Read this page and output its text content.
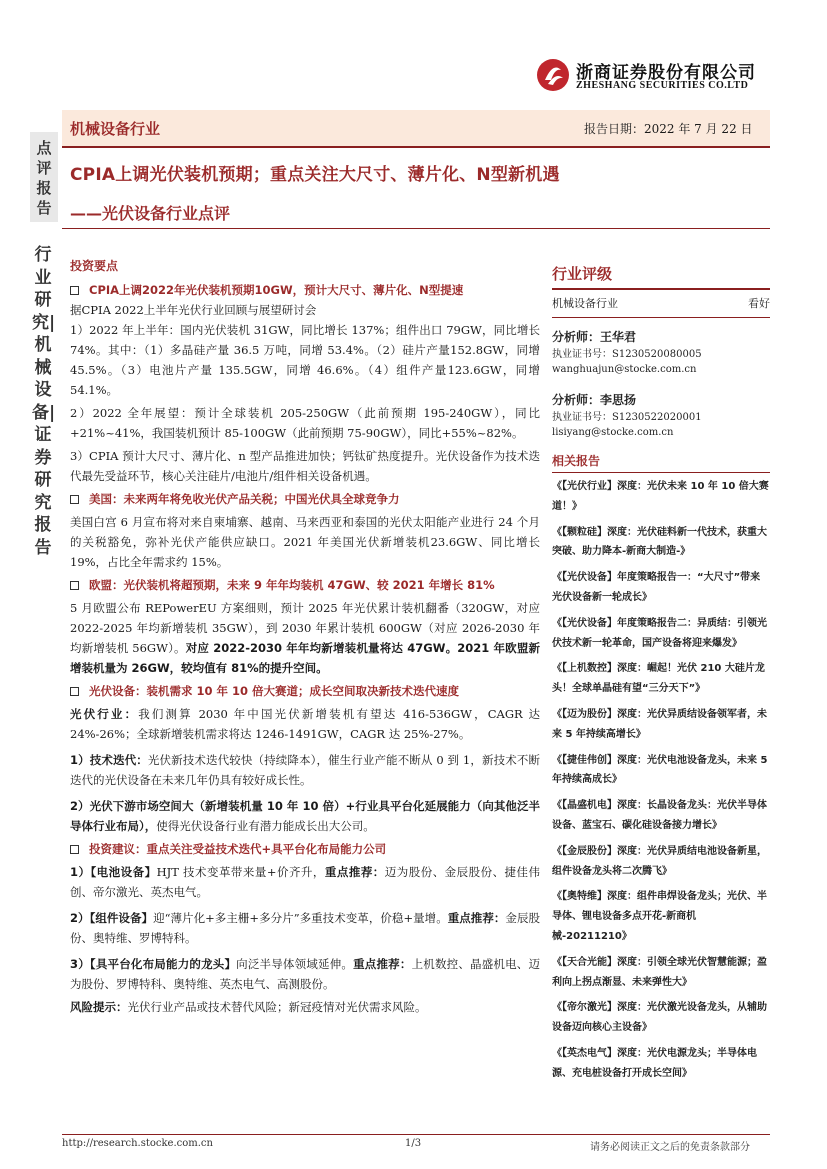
浙商证券股份有限公司
ZHESHANG SECURITIES CO.LTD
机械设备行业	报告日期：2022 年 7 月 22 日
点评报告
行业研究|机械设备|证券研究报告
CPIA上调光伏装机预期；重点关注大尺寸、薄片化、N型新机遇
——光伏设备行业点评
投资要点
CPIA上调2022年光伏装机预期10GW，预计大尺寸、薄片化、N型提速
据CPIA 2022上半年光伏行业回顾与展望研讨会
1）2022 年上半年：国内光伏装机 31GW，同比增长 137%；组件出口 79GW，同比增长 74%。其中：（1）多晶硅产量 36.5 万吨，同增 53.4%。（2）硅片产量152.8GW，同增 45.5%。（3）电池片产量 135.5GW，同增 46.6%。（4）组件产量123.6GW，同增54.1%。
2）2022 全年展望：预计全球装机 205-250GW（此前预期 195-240GW），同比+21%~41%，我国装机预计 85-100GW（此前预期 75-90GW），同比+55%~82%。
3）CPIA 预计大尺寸、薄片化、n 型产品推进加快；钙钛矿热度提升。光伏设备作为技术迭代最先受益环节，核心关注硅片/电池片/组件相关设备机遇。
美国：未来两年将免收光伏产品关税；中国光伏具全球竞争力
美国白宫 6 月宣布将对来自柬埔寨、越南、马来西亚和泰国的光伏太阳能产业进行 24 个月的关税豁免，弥补光伏产能供应缺口。2021 年美国光伏新增装机23.6GW、同比增长 19%，占比全年需求约 15%。
欧盟：光伏装机将超预期，未来 9 年年均装机 47GW、较 2021 年增长 81%
5 月欧盟公布 REPowerEU 方案细则，预计 2025 年光伏累计装机翻番（320GW，对应 2022-2025 年均新增装机 35GW），到 2030 年累计装机 600GW（对应 2026-2030 年均新增装机 56GW）。对应 2022-2030 年年均新增装机量将达 47GW。2021 年欧盟新增装机量为 26GW，较均值有 81%的提升空间。
光伏设备：装机需求 10 年 10 倍大赛道；成长空间取决新技术迭代速度
光伏行业：我们测算 2030 年中国光伏新增装机有望达 416-536GW，CAGR 达24%-26%；全球新增装机需求将达 1246-1491GW，CAGR 达 25%-27%。
1）技术迭代：光伏新技术迭代较快（持续降本），催生行业产能不断从 0 到 1，新技术不断迭代的光伏设备在未来几年仍具有较好成长性。
2）光伏下游市场空间大（新增装机量 10 年 10 倍）+行业具平台化延展能力（向其他泛半导体行业布局），使得光伏设备行业有潜力能成长出大公司。
投资建议：重点关注受益技术迭代+具平台化布局能力公司
1）【电池设备】HJT 技术变革带来量+价齐升，重点推荐：迈为股份、金辰股份、捷佳伟创、帝尔激光、英杰电气。
2）【组件设备】迎“薄片化+多主栅+多分片”多重技术变革，价稳+量增。重点推荐：金辰股份、奥特维、罗博特科。
3）【具平台化布局能力的龙头】向泛半导体领域延伸。重点推荐：上机数控、晶盛机电、迈为股份、罗博特科、奥特维、英杰电气、高测股份。
风险提示：光伏行业产品或技术替代风险；新冠疫情对光伏需求风险。
行业评级
机械设备行业	看好
分析师：王华君
执业证书号：S1230520080005
wanghuajun@stocke.com.cn
分析师：李思扬
执业证书号：S1230522020001
lisiyang@stocke.com.cn
相关报告
《【光伏行业】深度：光伏未来 10 年 10 倍大赛道！》
《【颗粒硅】深度：光伏硅料新一代技术，获重大突破、助力降本-新商大制造-》
《【光伏设备】年度策略报告一：“大尺寸”带来光伏设备新一轮成长》
《【光伏设备】年度策略报告二：异质结：引领光伏技术新一轮革命，国产设备将迎来爆发》
《【上机数控】深度：崛起！光伏 210 大硅片龙头！全球单晶硅有望“三分天下”》
《【迈为股份】深度：光伏异质结设备领军者，未来 5 年持续高增长》
《【捷佳伟创】深度：光伏电池设备龙头，未来 5 年持续高成长》
《【晶盛机电】深度：长晶设备龙头：光伏半导体设备、蓝宝石、碳化硅设备接力增长》
《【金辰股份】深度：光伏异质结电池设备新星，组件设备龙头将二次腾飞》
《【奥特维】深度：组件串焊设备龙头；光伏、半导体、锂电设备多点开花-新商机械-20211210》
《【天合光能】深度：引领全球光伏智慧能源；盈利向上拐点渐显、未来弹性大》
《【帝尔激光】深度：光伏激光设备龙头，从辅助设备迈向核心主设备》
《【英杰电气】深度：光伏电源龙头；半导体电源、充电桩设备打开成长空间》
http://research.stocke.com.cn	1/3	请务必阅读正文之后的免责条款部分
